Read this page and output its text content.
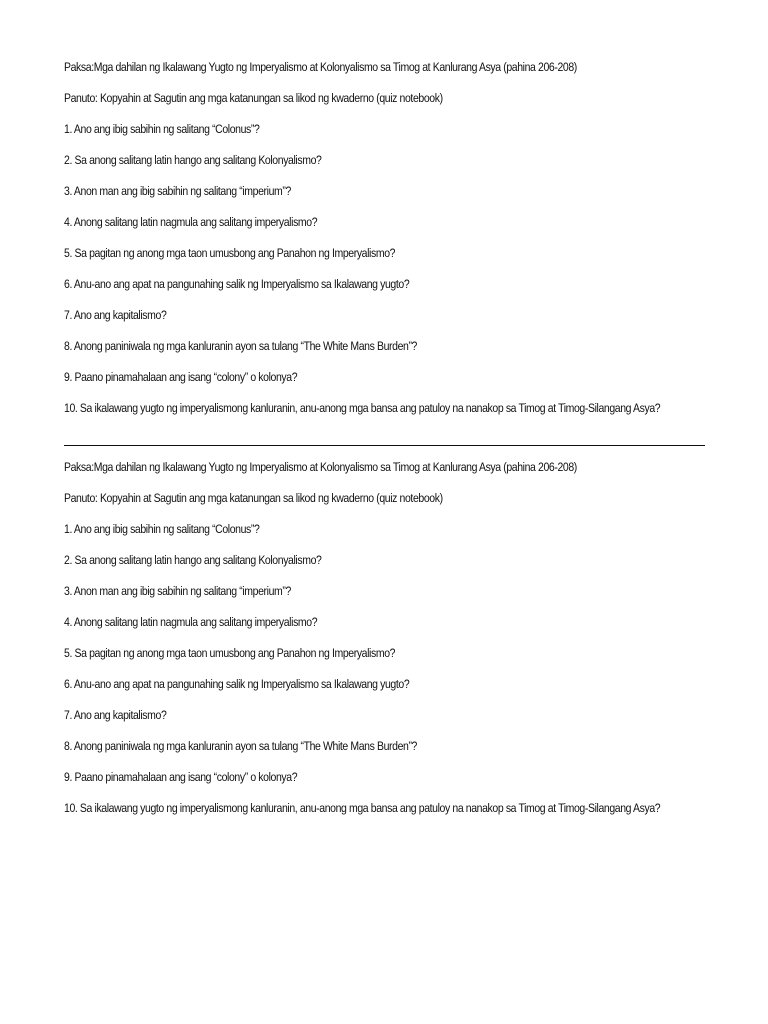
Paksa:Mga dahilan ng Ikalawang Yugto ng Imperyalismo at Kolonyalismo sa Timog at Kanlurang Asya (pahina 206-208)
Panuto: Kopyahin at Sagutin ang mga katanungan sa likod ng kwaderno (quiz notebook)
1. Ano ang ibig sabihin ng salitang “Colonus”?
2. Sa anong salitang latin hango ang salitang Kolonyalismo?
3. Anon man ang ibig sabihin ng salitang “imperium”?
4. Anong salitang latin nagmula ang salitang imperyalismo?
5. Sa pagitan ng anong mga taon umusbong ang Panahon ng Imperyalismo?
6. Anu-ano ang apat na pangunahing salik ng Imperyalismo sa Ikalawang yugto?
7. Ano ang kapitalismo?
8. Anong paniniwala ng mga kanluranin ayon sa tulang “The White Mans Burden”?
9. Paano pinamahalaan ang isang “colony” o kolonya?
10. Sa ikalawang yugto ng imperyalismong kanluranin, anu-anong mga bansa ang patuloy na nanakop sa Timog at Timog-Silangang Asya?
Paksa:Mga dahilan ng Ikalawang Yugto ng Imperyalismo at Kolonyalismo sa Timog at Kanlurang Asya (pahina 206-208)
Panuto: Kopyahin at Sagutin ang mga katanungan sa likod ng kwaderno (quiz notebook)
1. Ano ang ibig sabihin ng salitang “Colonus”?
2. Sa anong salitang latin hango ang salitang Kolonyalismo?
3. Anon man ang ibig sabihin ng salitang “imperium”?
4. Anong salitang latin nagmula ang salitang imperyalismo?
5. Sa pagitan ng anong mga taon umusbong ang Panahon ng Imperyalismo?
6. Anu-ano ang apat na pangunahing salik ng Imperyalismo sa Ikalawang yugto?
7. Ano ang kapitalismo?
8. Anong paniniwala ng mga kanluranin ayon sa tulang “The White Mans Burden”?
9. Paano pinamahalaan ang isang “colony” o kolonya?
10. Sa ikalawang yugto ng imperyalismong kanluranin, anu-anong mga bansa ang patuloy na nanakop sa Timog at Timog-Silangang Asya?
